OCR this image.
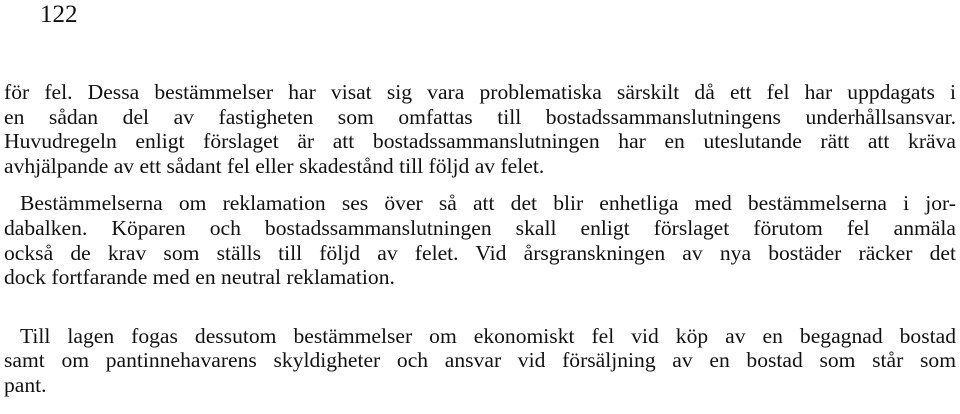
122

för fel. Dessa bestämmelser har visat sig vara problematiska särskilt då ett fel har uppdagats i
en sådan del av fastigheten som omfattas till bostadssammanslutningens underhållsansvar.
Huvudregeln enligt förslaget är att bostadssammanslutningen har en uteslutande rätt att kräva
avhjälpande av ett sådant fel eller skadestånd till följd av felet.

Bestämmelserna om reklamation ses över så att det blir enhetliga med bestämmelserna i jor-
dabalken. Köparen och bostadssammanslutningen skall enligt förslaget förutom fel anmäla
också de krav som ställs till följd av felet. Vid årsgranskningen av nya bostäder räcker det
dock fortfarande med en neutral reklamation.

Till lagen fogas dessutom bestämmelser om ekonomiskt fel vid köp av en begagnad bostad
samt om pantinnehavarens skyldigheter och ansvar vid försäljning av en bostad som står som
pant.
